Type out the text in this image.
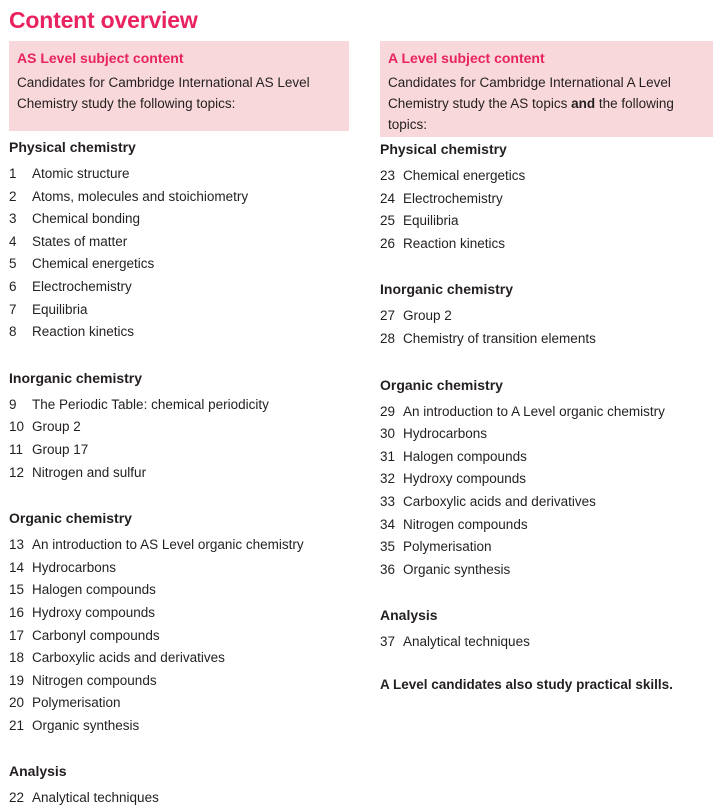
Content overview
AS Level subject content

Candidates for Cambridge International AS Level Chemistry study the following topics:

Physical chemistry
1	Atomic structure
2	Atoms, molecules and stoichiometry
3	Chemical bonding
4	States of matter
5	Chemical energetics
6	Electrochemistry
7	Equilibria
8	Reaction kinetics
Inorganic chemistry
9	The Periodic Table: chemical periodicity
10 Group 2
11 Group 17
12 Nitrogen and sulfur
Organic chemistry
13 An introduction to AS Level organic chemistry
14 Hydrocarbons
15 Halogen compounds
16 Hydroxy compounds
17 Carbonyl compounds
18 Carboxylic acids and derivatives
19 Nitrogen compounds
20 Polymerisation
21 Organic synthesis
Analysis
22 Analytical techniques
A Level subject content

Candidates for Cambridge International A Level Chemistry study the AS topics and the following topics:

Physical chemistry
23 Chemical energetics
24 Electrochemistry
25 Equilibria
26 Reaction kinetics
Inorganic chemistry
27 Group 2
28 Chemistry of transition elements
Organic chemistry
29 An introduction to A Level organic chemistry
30 Hydrocarbons
31 Halogen compounds
32 Hydroxy compounds
33 Carboxylic acids and derivatives
34 Nitrogen compounds
35 Polymerisation
36 Organic synthesis
Analysis
37 Analytical techniques

A Level candidates also study practical skills.
